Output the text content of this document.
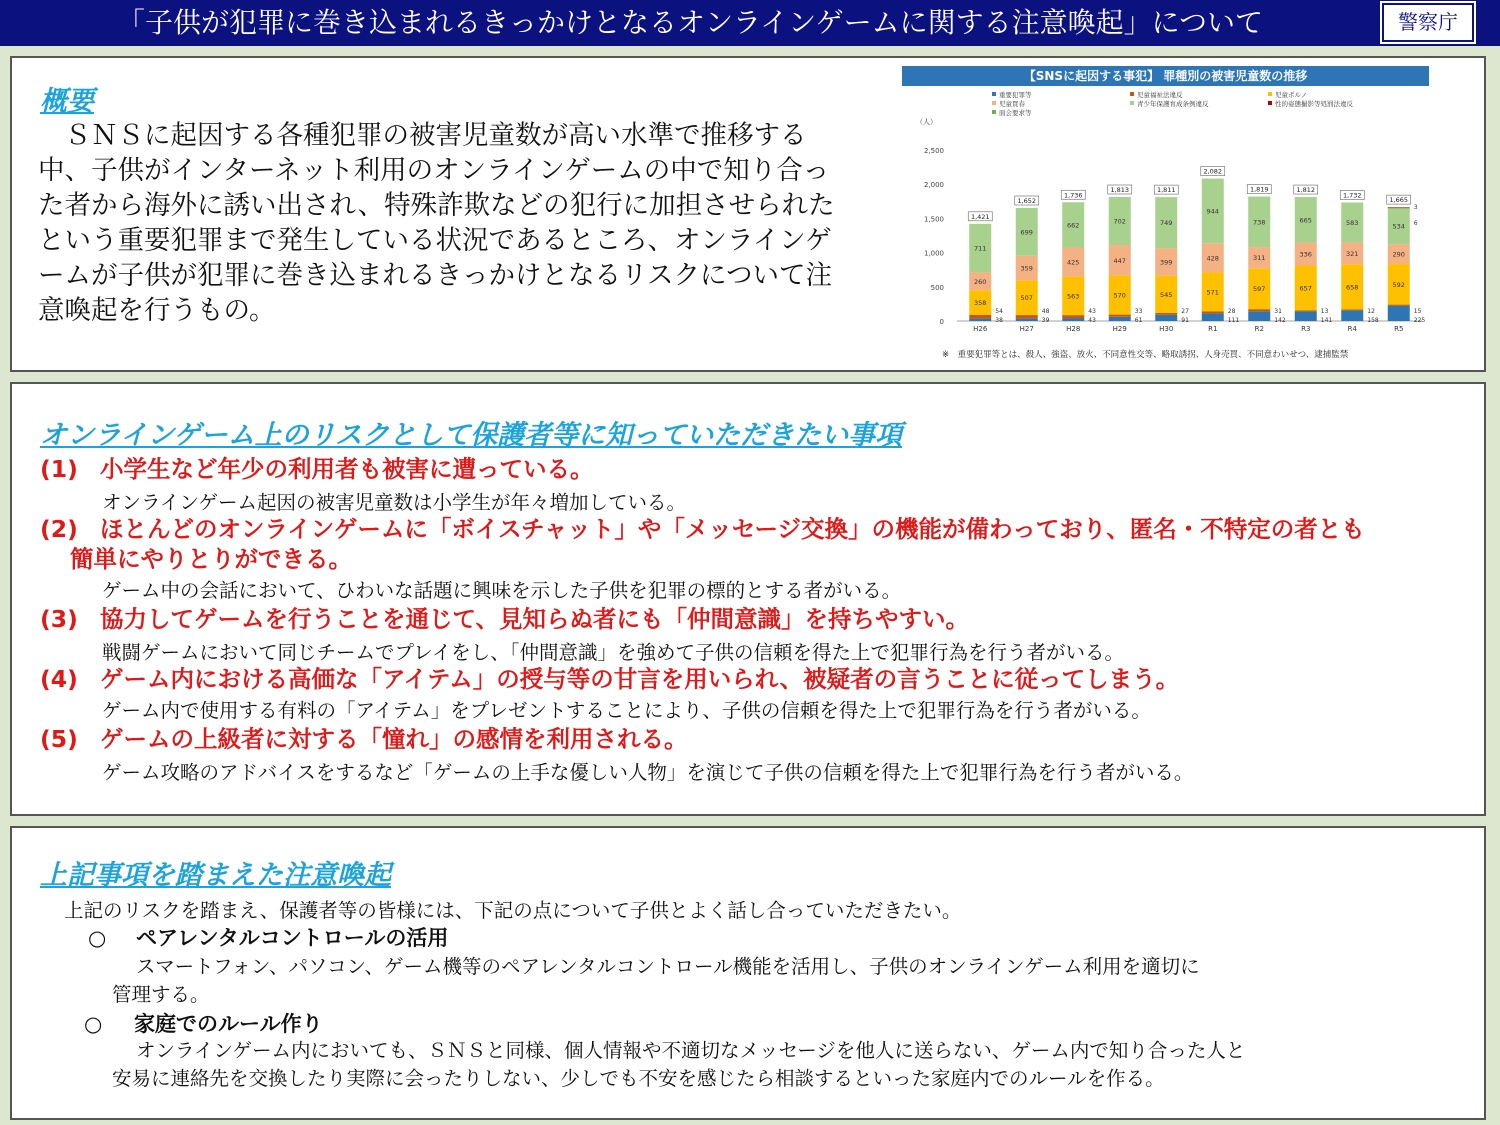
「子供が犯罪に巻き込まれるきっかけとなるオンラインゲームに関する注意喚起」について	警察庁
概要
　ＳＮＳに起因する各種犯罪の被害児童数が高い水準で推移する中、子供がインターネット利用のオンラインゲームの中で知り合った者から海外に誘い出され、特殊詐欺などの犯行に加担させられたという重要犯罪まで発生している状況であるところ、オンラインゲームが子供が犯罪に巻き込まれるきっかけとなるリスクについて注意喚起を行うもの。
【SNSに起因する事犯】 罪種別の被害児童数の推移
重要犯罪等	児童福祉法違反	児童ポルノ
児童買春	青少年保護育成条例違反	性的姿態撮影等処罰法違反
面会要求等
（人）
0
500
1,000
1,500
2,000
2,500
358
260
711
38
54
1,421
H26
507
359
699
39
48
1,652
H27
563
425
662
43
43
1,736
H28
570
447
702
61
33
1,813
H29
545
399
749
91
27
1,811
H30
571
428
944
111
28
2,082
R1
597
311
738
142
31
1,819
R2
657
336
665
141
13
1,812
R3
658
321
583
158
12
1,732
R4
592
290
534
225
15
1,665
R5
3
6
※　重要犯罪等とは、殺人、強盗、放火、不同意性交等、略取誘拐、人身売買、不同意わいせつ、逮捕監禁
オンラインゲーム上のリスクとして保護者等に知っていただきたい事項
(1) 小学生など年少の利用者も被害に遭っている。
オンラインゲーム起因の被害児童数は小学生が年々増加している。
(2) ほとんどのオンラインゲームに「ボイスチャット」や「メッセージ交換」の機能が備わっており、匿名・不特定の者とも
簡単にやりとりができる。
ゲーム中の会話において、ひわいな話題に興味を示した子供を犯罪の標的とする者がいる。
(3) 協力してゲームを行うことを通じて、見知らぬ者にも「仲間意識」を持ちやすい。
戦闘ゲームにおいて同じチームでプレイをし、「仲間意識」を強めて子供の信頼を得た上で犯罪行為を行う者がいる。
(4) ゲーム内における高価な「アイテム」の授与等の甘言を用いられ、被疑者の言うことに従ってしまう。
ゲーム内で使用する有料の「アイテム」をプレゼントすることにより、子供の信頼を得た上で犯罪行為を行う者がいる。
(5) ゲームの上級者に対する「憧れ」の感情を利用される。
ゲーム攻略のアドバイスをするなど「ゲームの上手な優しい人物」を演じて子供の信頼を得た上で犯罪行為を行う者がいる。
上記事項を踏まえた注意喚起
上記のリスクを踏まえ、保護者等の皆様には、下記の点について子供とよく話し合っていただきたい。
○ ペアレンタルコントロールの活用
スマートフォン、パソコン、ゲーム機等のペアレンタルコントロール機能を活用し、子供のオンラインゲーム利用を適切に
管理する。
○ 家庭でのルール作り
オンラインゲーム内においても、ＳＮＳと同様、個人情報や不適切なメッセージを他人に送らない、ゲーム内で知り合った人と
安易に連絡先を交換したり実際に会ったりしない、少しでも不安を感じたら相談するといった家庭内でのルールを作る。
